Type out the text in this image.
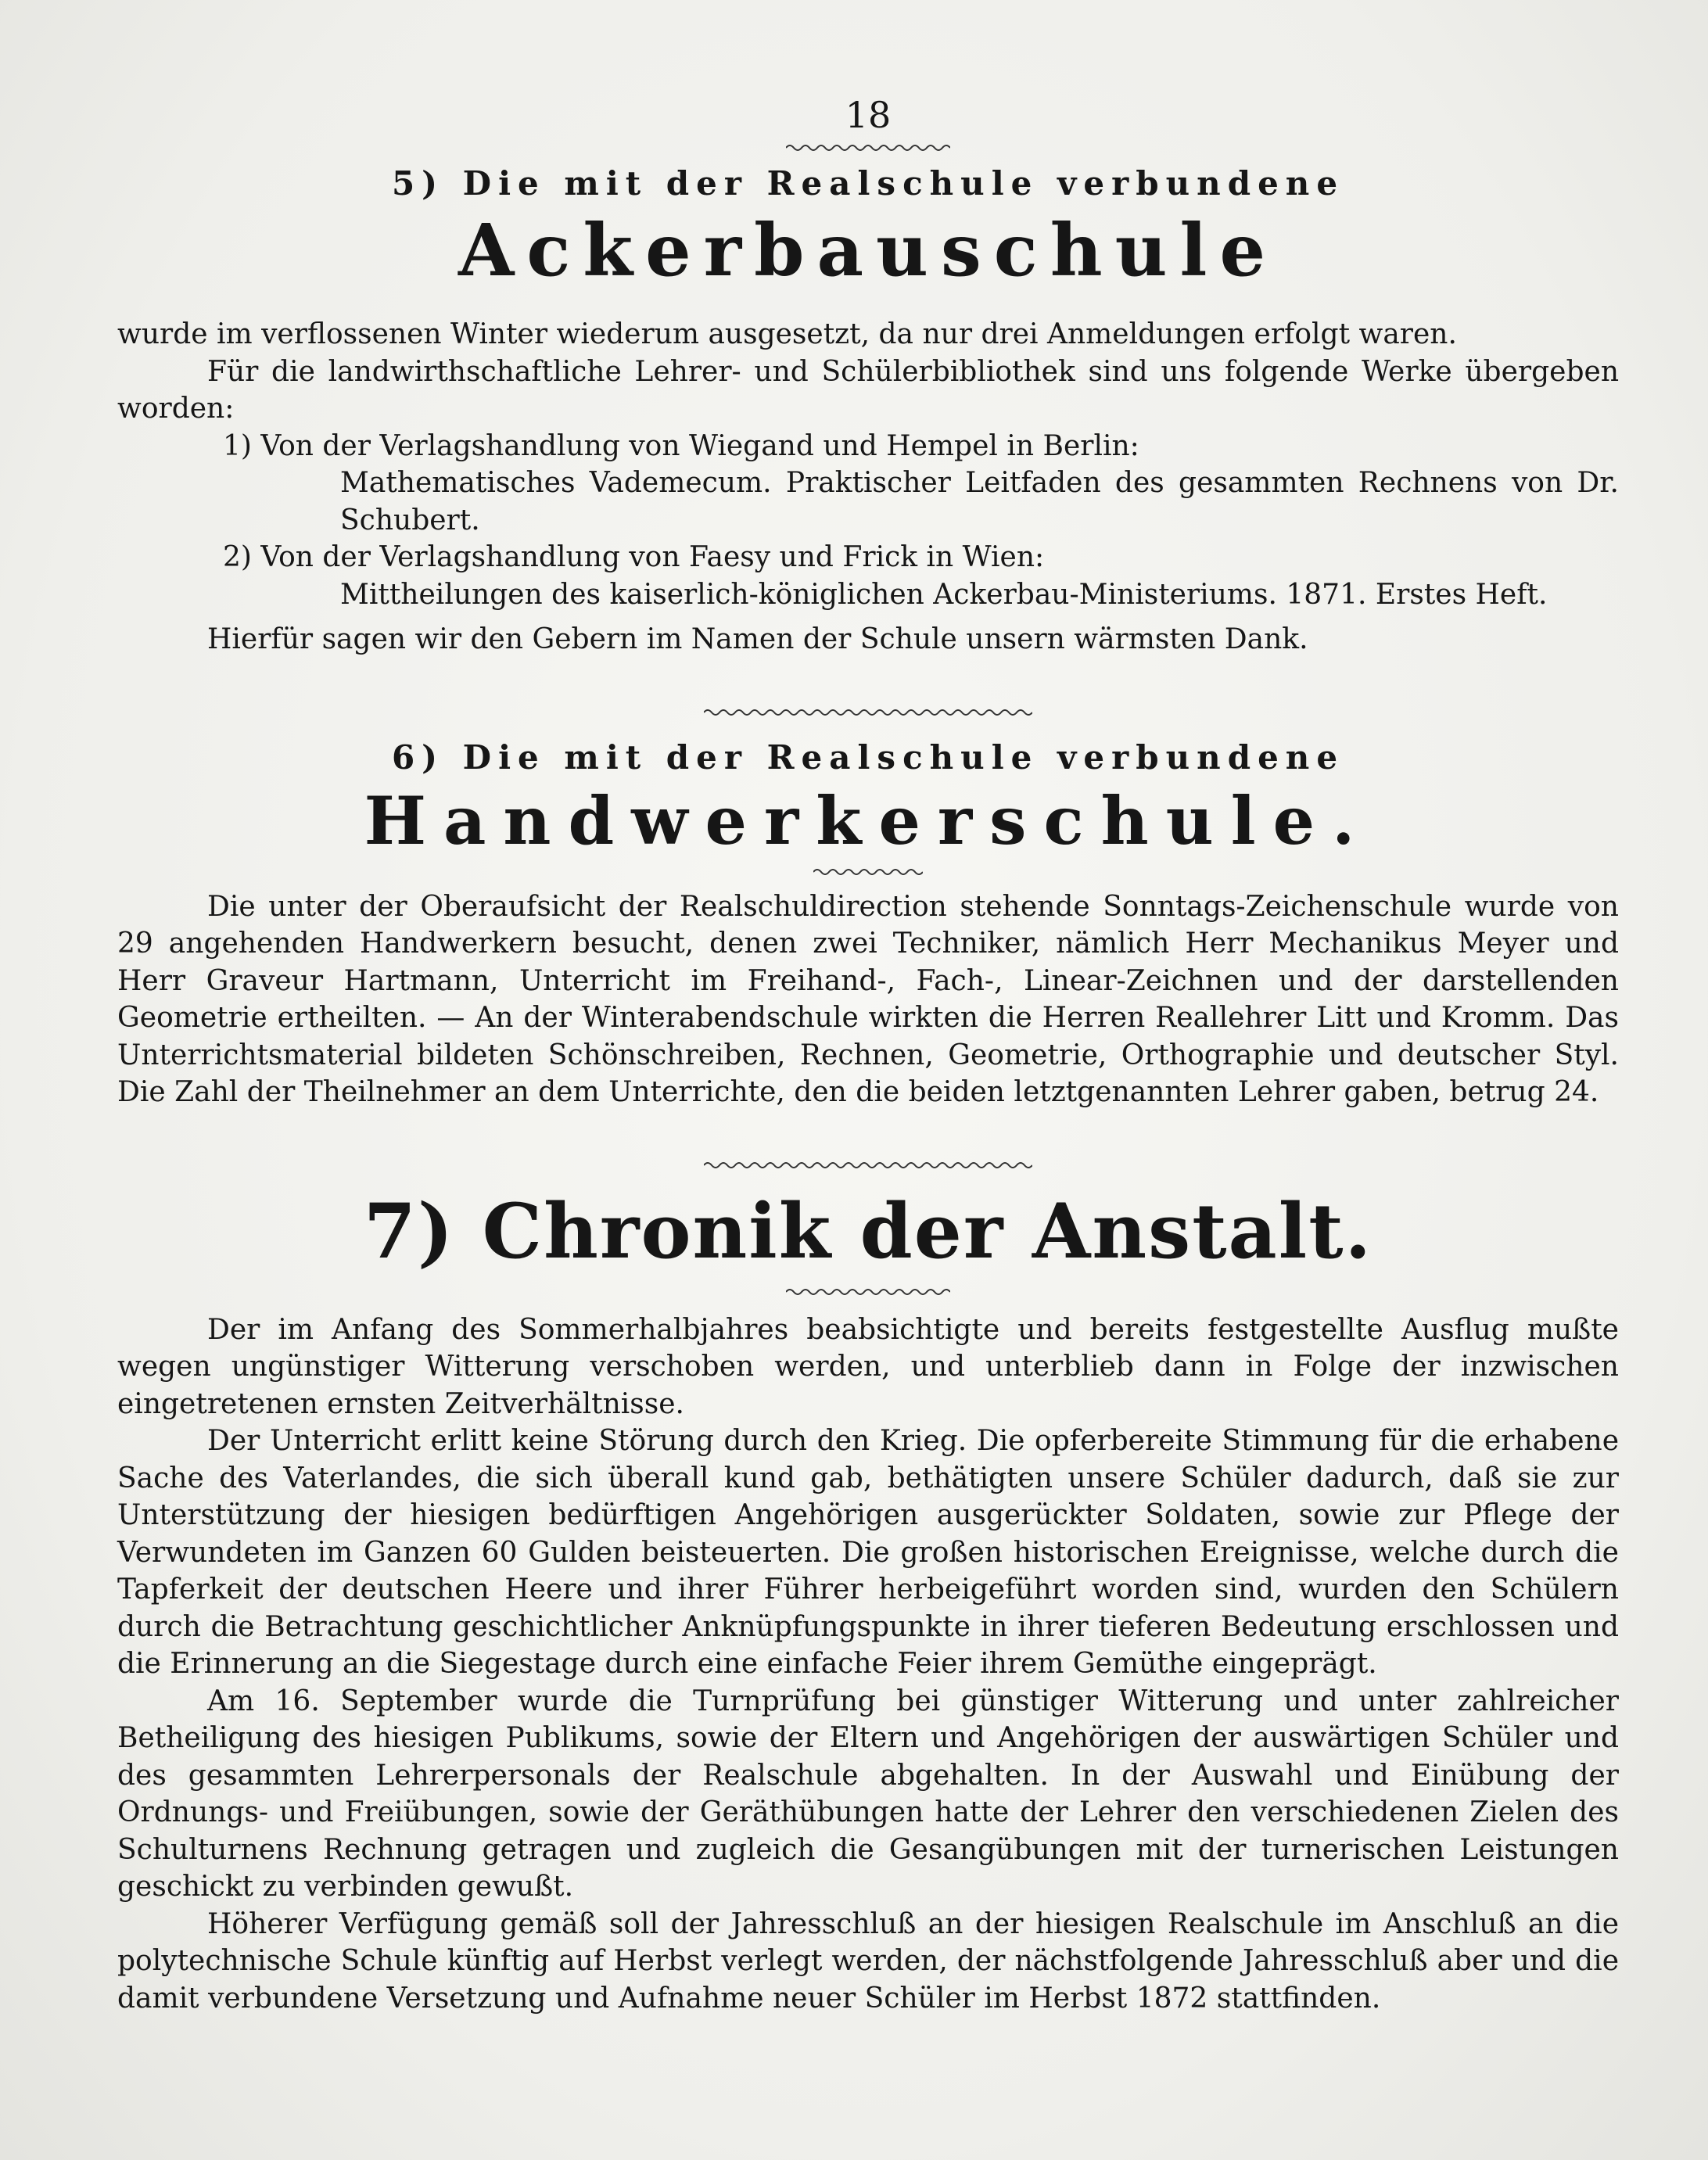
18
5) Die mit der Realschule verbundene
Ackerbauschule

wurde im verflossenen Winter wiederum ausgesetzt, da nur drei Anmeldungen erfolgt waren.

Für die landwirthschaftliche Lehrer- und Schülerbibliothek sind uns folgende Werke übergeben worden:

1) Von der Verlagshandlung von Wiegand und Hempel in Berlin:

Mathematisches Vademecum. Praktischer Leitfaden des gesammten Rechnens von Dr. Schubert.

2) Von der Verlagshandlung von Faesy und Frick in Wien:

Mittheilungen des kaiserlich-königlichen Ackerbau-Ministeriums. 1871. Erstes Heft.

Hierfür sagen wir den Gebern im Namen der Schule unsern wärmsten Dank.

6) Die mit der Realschule verbundene
Handwerkerschule.

Die unter der Oberaufsicht der Realschuldirection stehende Sonntags-Zeichenschule wurde von 29 angehenden Handwerkern besucht, denen zwei Techniker, nämlich Herr Mechanikus Meyer und Herr Graveur Hartmann, Unterricht im Freihand-, Fach-, Linear-Zeichnen und der darstellenden Geometrie ertheilten. — An der Winterabendschule wirkten die Herren Reallehrer Litt und Kromm. Das Unterrichtsmaterial bildeten Schönschreiben, Rechnen, Geometrie, Orthographie und deutscher Styl. Die Zahl der Theilnehmer an dem Unterrichte, den die beiden letztgenannten Lehrer gaben, betrug 24.

7) Chronik der Anstalt.

Der im Anfang des Sommerhalbjahres beabsichtigte und bereits festgestellte Ausflug mußte wegen ungünstiger Witterung verschoben werden, und unterblieb dann in Folge der inzwischen eingetretenen ernsten Zeitverhältnisse.

Der Unterricht erlitt keine Störung durch den Krieg. Die opferbereite Stimmung für die erhabene Sache des Vaterlandes, die sich überall kund gab, bethätigten unsere Schüler dadurch, daß sie zur Unterstützung der hiesigen bedürftigen Angehörigen ausgerückter Soldaten, sowie zur Pflege der Verwundeten im Ganzen 60 Gulden beisteuerten. Die großen historischen Ereignisse, welche durch die Tapferkeit der deutschen Heere und ihrer Führer herbeigeführt worden sind, wurden den Schülern durch die Betrachtung geschichtlicher Anknüpfungspunkte in ihrer tieferen Bedeutung erschlossen und die Erinnerung an die Siegestage durch eine einfache Feier ihrem Gemüthe eingeprägt.

Am 16. September wurde die Turnprüfung bei günstiger Witterung und unter zahlreicher Betheiligung des hiesigen Publikums, sowie der Eltern und Angehörigen der auswärtigen Schüler und des gesammten Lehrerpersonals der Realschule abgehalten. In der Auswahl und Einübung der Ordnungs- und Freiübungen, sowie der Geräthübungen hatte der Lehrer den verschiedenen Zielen des Schulturnens Rechnung getragen und zugleich die Gesangübungen mit der turnerischen Leistungen geschickt zu verbinden gewußt.

Höherer Verfügung gemäß soll der Jahresschluß an der hiesigen Realschule im Anschluß an die polytechnische Schule künftig auf Herbst verlegt werden, der nächstfolgende Jahresschluß aber und die damit verbundene Versetzung und Aufnahme neuer Schüler im Herbst 1872 stattfinden.
